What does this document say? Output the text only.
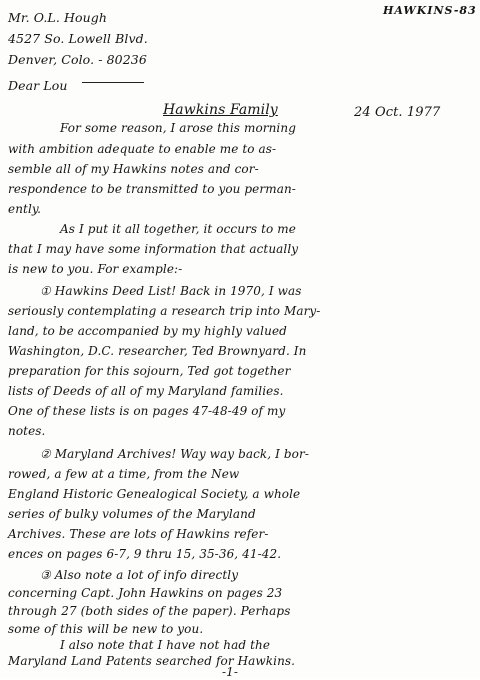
HAWKINS-83
Mr. O.L. Hough
4527 So. Lowell Blvd.
Denver, Colo. - 80236
Dear Lou
Hawkins Family	24 Oct. 1977
For some reason, I arose this morning
with ambition adequate to enable me to as-
semble all of my Hawkins notes and cor-
respondence to be transmitted to you perman-
ently.
As I put it all together, it occurs to me
that I may have some information that actually
is new to you. For example:-
① Hawkins Deed List! Back in 1970, I was
seriously contemplating a research trip into Mary-
land, to be accompanied by my highly valued
Washington, D.C. researcher, Ted Brownyard. In
preparation for this sojourn, Ted got together
lists of Deeds of all of my Maryland families.
One of these lists is on pages 47-48-49 of my
notes.
② Maryland Archives! Way way back, I bor-
rowed, a few at a time, from the New
England Historic Genealogical Society, a whole
series of bulky volumes of the Maryland
Archives. These are lots of Hawkins refer-
ences on pages 6-7, 9 thru 15, 35-36, 41-42.
③ Also note a lot of info directly
concerning Capt. John Hawkins on pages 23
through 27 (both sides of the paper). Perhaps
some of this will be new to you.
I also note that I have not had the
Maryland Land Patents searched for Hawkins.
-1-
